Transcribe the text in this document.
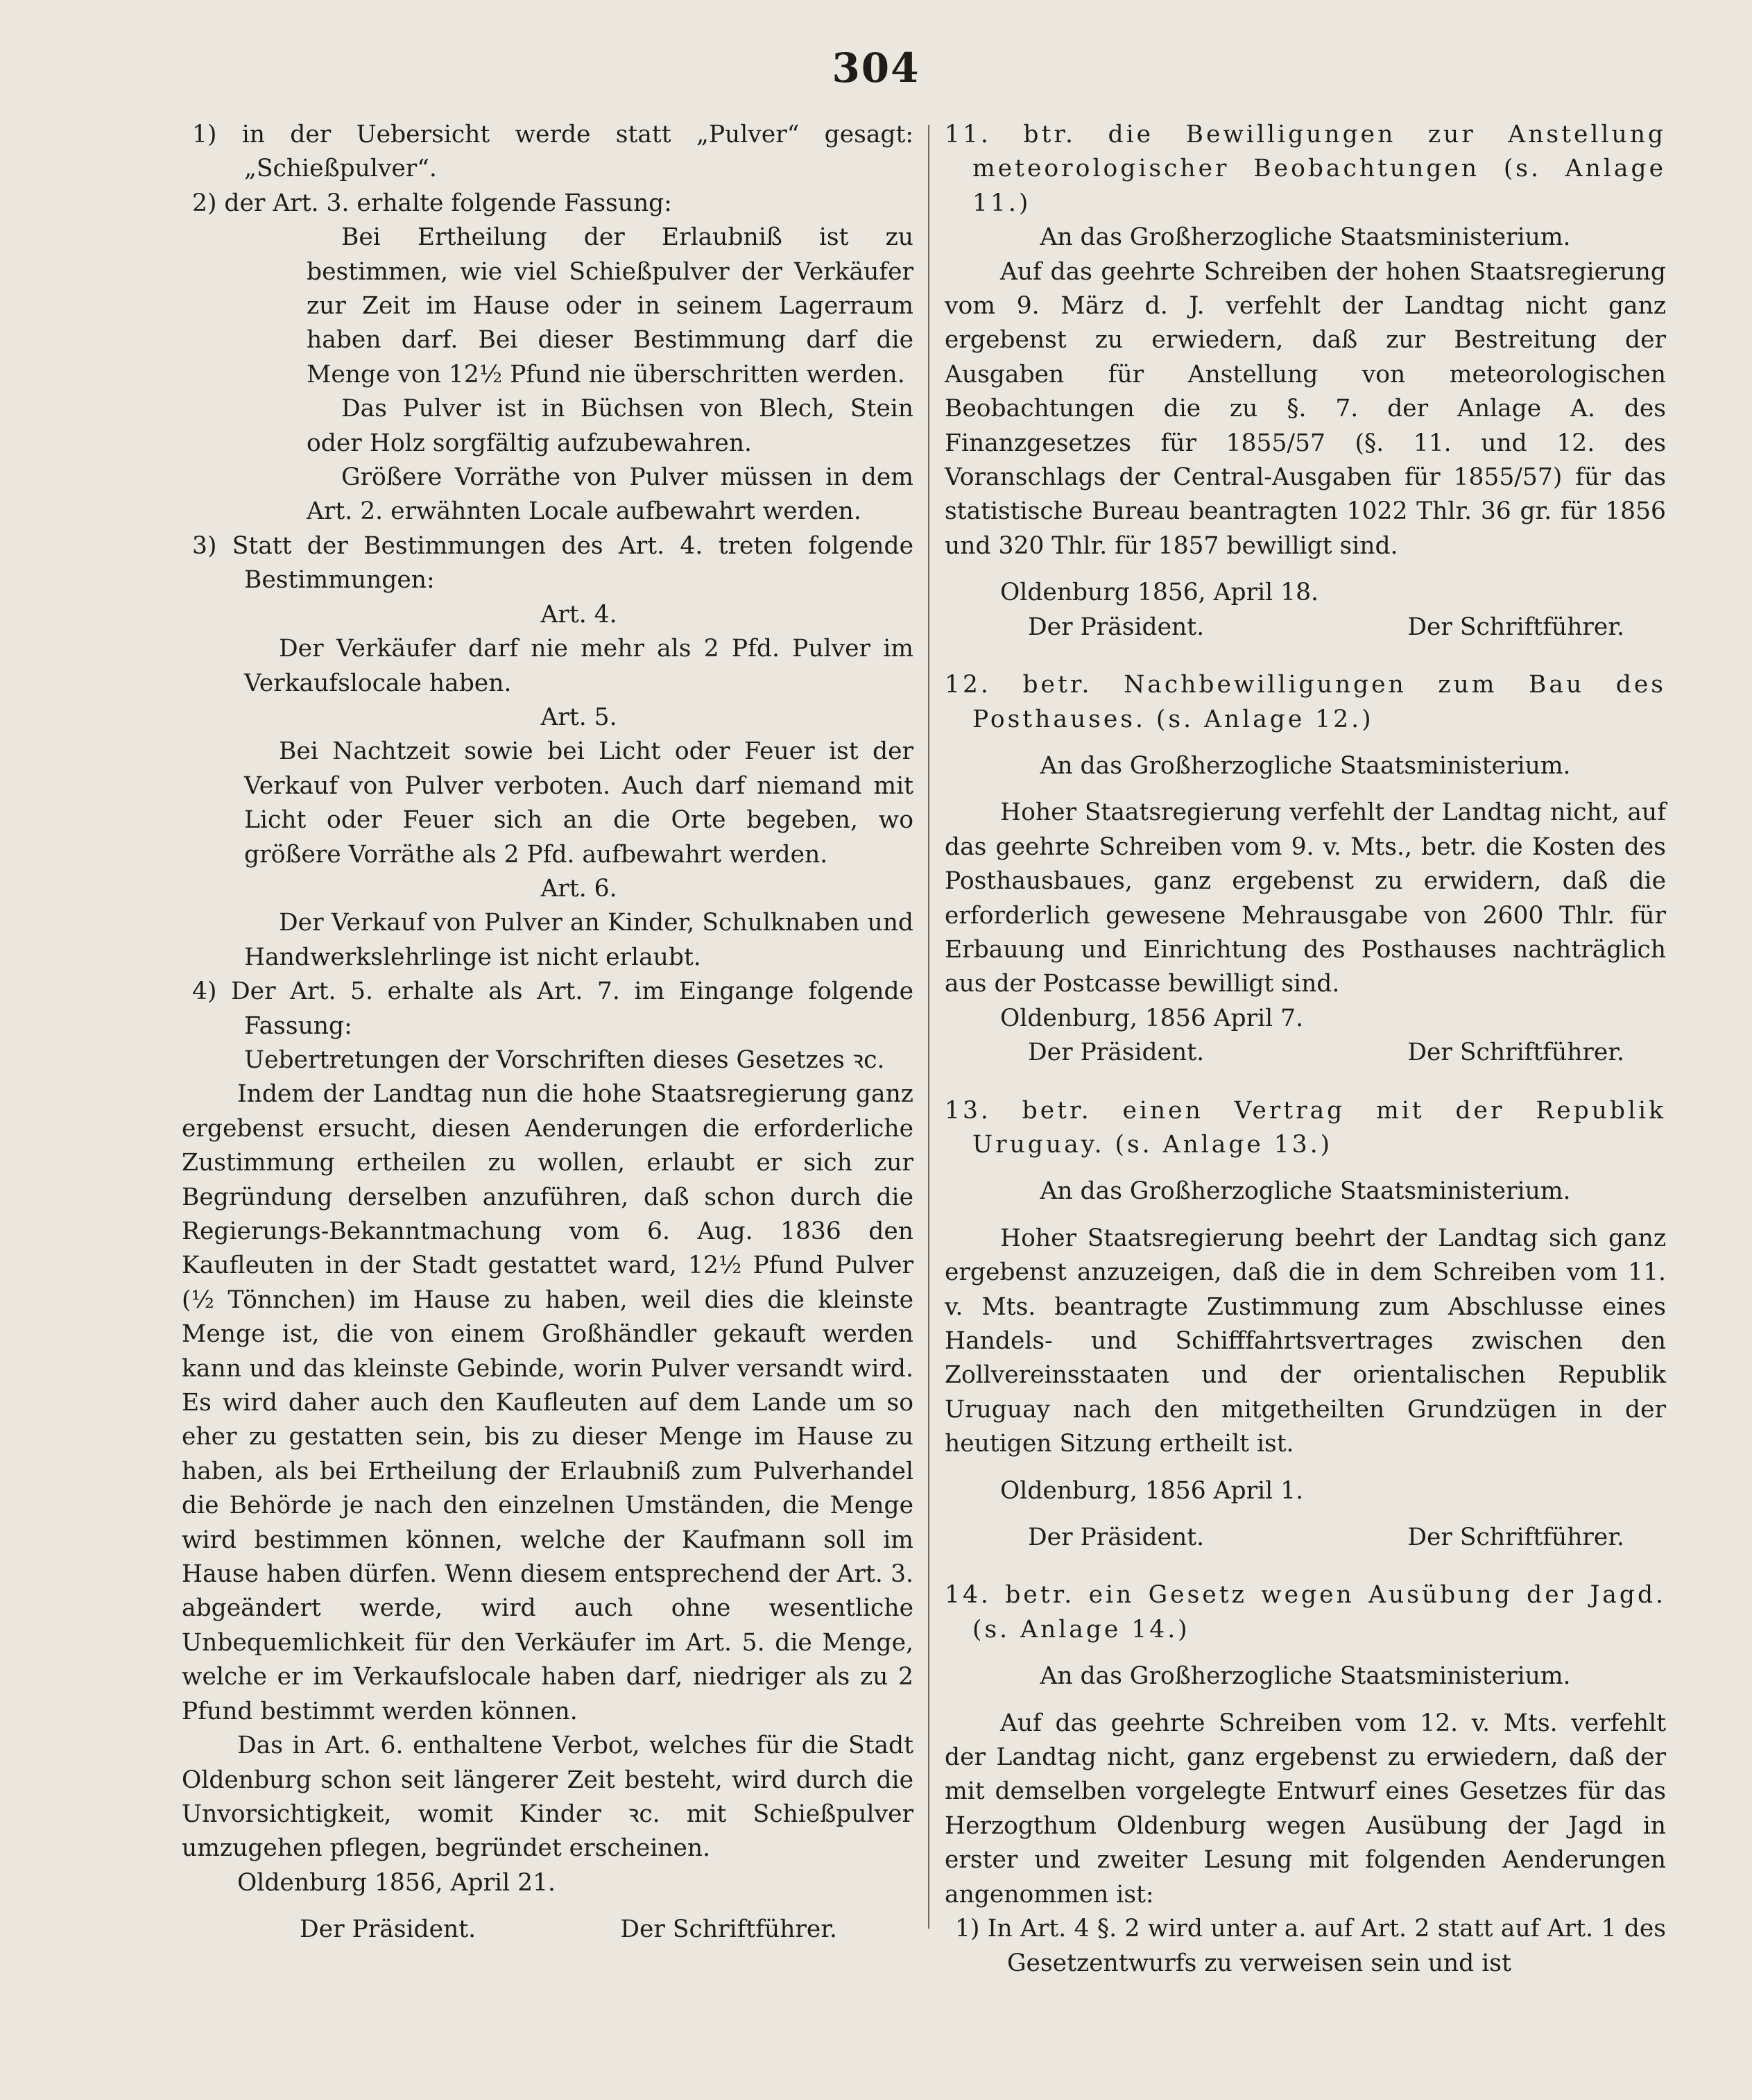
304

1) in der Uebersicht werde statt „Pulver“ gesagt: „Schießpulver“.

2) der Art. 3. erhalte folgende Fassung:

Bei Ertheilung der Erlaubniß ist zu bestimmen, wie viel Schießpulver der Verkäufer zur Zeit im Hause oder in seinem Lagerraum haben darf. Bei dieser Bestimmung darf die Menge von 12½ Pfund nie überschritten werden.

Das Pulver ist in Büchsen von Blech, Stein oder Holz sorgfältig aufzubewahren.

Größere Vorräthe von Pulver müssen in dem Art. 2. erwähnten Locale aufbewahrt werden.

3) Statt der Bestimmungen des Art. 4. treten folgende Bestimmungen:

Art. 4.

Der Verkäufer darf nie mehr als 2 Pfd. Pulver im Verkaufslocale haben.

Art. 5.

Bei Nachtzeit sowie bei Licht oder Feuer ist der Verkauf von Pulver verboten. Auch darf niemand mit Licht oder Feuer sich an die Orte begeben, wo größere Vorräthe als 2 Pfd. aufbewahrt werden.

Art. 6.

Der Verkauf von Pulver an Kinder, Schulknaben und Handwerkslehrlinge ist nicht erlaubt.

4) Der Art. 5. erhalte als Art. 7. im Eingange folgende Fassung:

Uebertretungen der Vorschriften dieses Gesetzes ꝛc.

Indem der Landtag nun die hohe Staatsregierung ganz ergebenst ersucht, diesen Aenderungen die erforderliche Zustimmung ertheilen zu wollen, erlaubt er sich zur Begründung derselben anzuführen, daß schon durch die Regierungs-Bekanntmachung vom 6. Aug. 1836 den Kaufleuten in der Stadt gestattet ward, 12½ Pfund Pulver (½ Tönnchen) im Hause zu haben, weil dies die kleinste Menge ist, die von einem Großhändler gekauft werden kann und das kleinste Gebinde, worin Pulver versandt wird. Es wird daher auch den Kaufleuten auf dem Lande um so eher zu gestatten sein, bis zu dieser Menge im Hause zu haben, als bei Ertheilung der Erlaubniß zum Pulverhandel die Behörde je nach den einzelnen Umständen, die Menge wird bestimmen können, welche der Kaufmann soll im Hause haben dürfen. Wenn diesem entsprechend der Art. 3. abgeändert werde, wird auch ohne wesentliche Unbequemlichkeit für den Verkäufer im Art. 5. die Menge, welche er im Verkaufslocale haben darf, niedriger als zu 2 Pfund bestimmt werden können.

Das in Art. 6. enthaltene Verbot, welches für die Stadt Oldenburg schon seit längerer Zeit besteht, wird durch die Unvorsichtigkeit, womit Kinder ꝛc. mit Schießpulver umzugehen pflegen, begründet erscheinen.

Oldenburg 1856, April 21.

Der Präsident.	Der Schriftführer.

11. btr. die Bewilligungen zur Anstellung meteorologischer Beobachtungen (s. Anlage 11.)

An das Großherzogliche Staatsministerium.

Auf das geehrte Schreiben der hohen Staatsregierung vom 9. März d. J. verfehlt der Landtag nicht ganz ergebenst zu erwiedern, daß zur Bestreitung der Ausgaben für Anstellung von meteorologischen Beobachtungen die zu §. 7. der Anlage A. des Finanzgesetzes für 1855/57 (§. 11. und 12. des Voranschlags der Central-Ausgaben für 1855/57) für das statistische Bureau beantragten 1022 Thlr. 36 gr. für 1856 und 320 Thlr. für 1857 bewilligt sind.

Oldenburg 1856, April 18.

Der Präsident.	Der Schriftführer.

12. betr. Nachbewilligungen zum Bau des Posthauses. (s. Anlage 12.)

An das Großherzogliche Staatsministerium.

Hoher Staatsregierung verfehlt der Landtag nicht, auf das geehrte Schreiben vom 9. v. Mts., betr. die Kosten des Posthausbaues, ganz ergebenst zu erwidern, daß die erforderlich gewesene Mehrausgabe von 2600 Thlr. für Erbauung und Einrichtung des Posthauses nachträglich aus der Postcasse bewilligt sind.

Oldenburg, 1856 April 7.

Der Präsident.	Der Schriftführer.

13. betr. einen Vertrag mit der Republik Uruguay. (s. Anlage 13.)

An das Großherzogliche Staatsministerium.

Hoher Staatsregierung beehrt der Landtag sich ganz ergebenst anzuzeigen, daß die in dem Schreiben vom 11. v. Mts. beantragte Zustimmung zum Abschlusse eines Handels- und Schifffahrtsvertrages zwischen den Zollvereinsstaaten und der orientalischen Republik Uruguay nach den mitgetheilten Grundzügen in der heutigen Sitzung ertheilt ist.

Oldenburg, 1856 April 1.

Der Präsident.	Der Schriftführer.

14. betr. ein Gesetz wegen Ausübung der Jagd. (s. Anlage 14.)

An das Großherzogliche Staatsministerium.

Auf das geehrte Schreiben vom 12. v. Mts. verfehlt der Landtag nicht, ganz ergebenst zu erwiedern, daß der mit demselben vorgelegte Entwurf eines Gesetzes für das Herzogthum Oldenburg wegen Ausübung der Jagd in erster und zweiter Lesung mit folgenden Aenderungen angenommen ist:

1) In Art. 4 §. 2 wird unter a. auf Art. 2 statt auf Art. 1 des Gesetzentwurfs zu verweisen sein und ist
